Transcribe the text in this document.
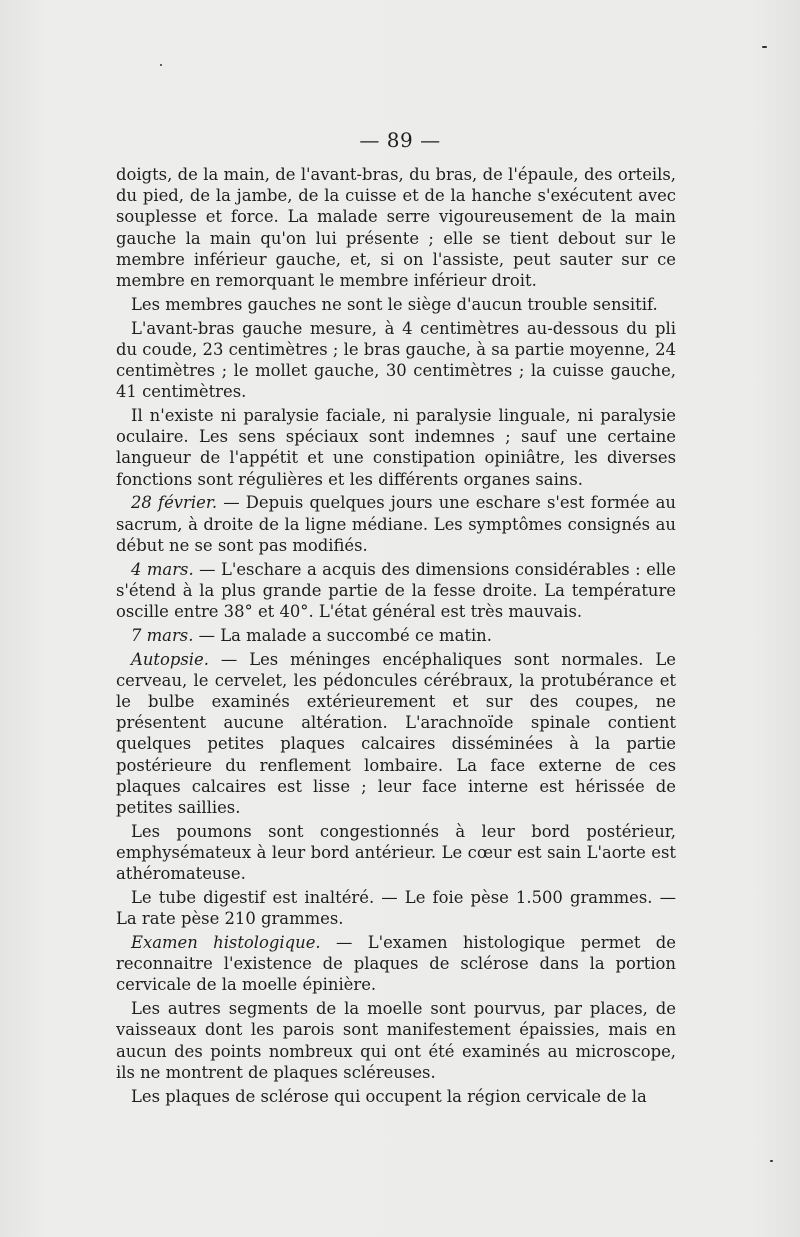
— 89 —

doigts, de la main, de l'avant-bras, du bras, de l'épaule, des orteils, du pied, de la jambe, de la cuisse et de la hanche s'exécutent avec souplesse et force. La malade serre vigoureusement de la main gauche la main qu'on lui présente ; elle se tient debout sur le membre inférieur gauche, et, si on l'assiste, peut sauter sur ce membre en remorquant le membre inférieur droit.

Les membres gauches ne sont le siège d'aucun trouble sensitif.

L'avant-bras gauche mesure, à 4 centimètres au-dessous du pli du coude, 23 centimètres ; le bras gauche, à sa partie moyenne, 24 centimètres ; le mollet gauche, 30 centimètres ; la cuisse gauche, 41 centimètres.

Il n'existe ni paralysie faciale, ni paralysie linguale, ni paralysie oculaire. Les sens spéciaux sont indemnes ; sauf une certaine langueur de l'appétit et une constipation opiniâtre, les diverses fonctions sont régulières et les différents organes sains.

28 février. — Depuis quelques jours une eschare s'est formée au sacrum, à droite de la ligne médiane. Les symptômes consignés au début ne se sont pas modifiés.

4 mars. — L'eschare a acquis des dimensions considérables : elle s'étend à la plus grande partie de la fesse droite. La température oscille entre 38° et 40°. L'état général est très mauvais.

7 mars. — La malade a succombé ce matin.

Autopsie. — Les méninges encéphaliques sont normales. Le cerveau, le cervelet, les pédoncules cérébraux, la protubérance et le bulbe examinés extérieurement et sur des coupes, ne présentent aucune altération. L'arachnoïde spinale contient quelques petites plaques calcaires disséminées à la partie postérieure du renflement lombaire. La face externe de ces plaques calcaires est lisse ; leur face interne est hérissée de petites saillies.

Les poumons sont congestionnés à leur bord postérieur, emphysémateux à leur bord antérieur. Le cœur est sain L'aorte est athéromateuse.

Le tube digestif est inaltéré. — Le foie pèse 1.500 grammes. — La rate pèse 210 grammes.

Examen histologique. — L'examen histologique permet de reconnaitre l'existence de plaques de sclérose dans la portion cervicale de la moelle épinière.

Les autres segments de la moelle sont pourvus, par places, de vaisseaux dont les parois sont manifestement épaissies, mais en aucun des points nombreux qui ont été examinés au microscope, ils ne montrent de plaques scléreuses.

Les plaques de sclérose qui occupent la région cervicale de la
